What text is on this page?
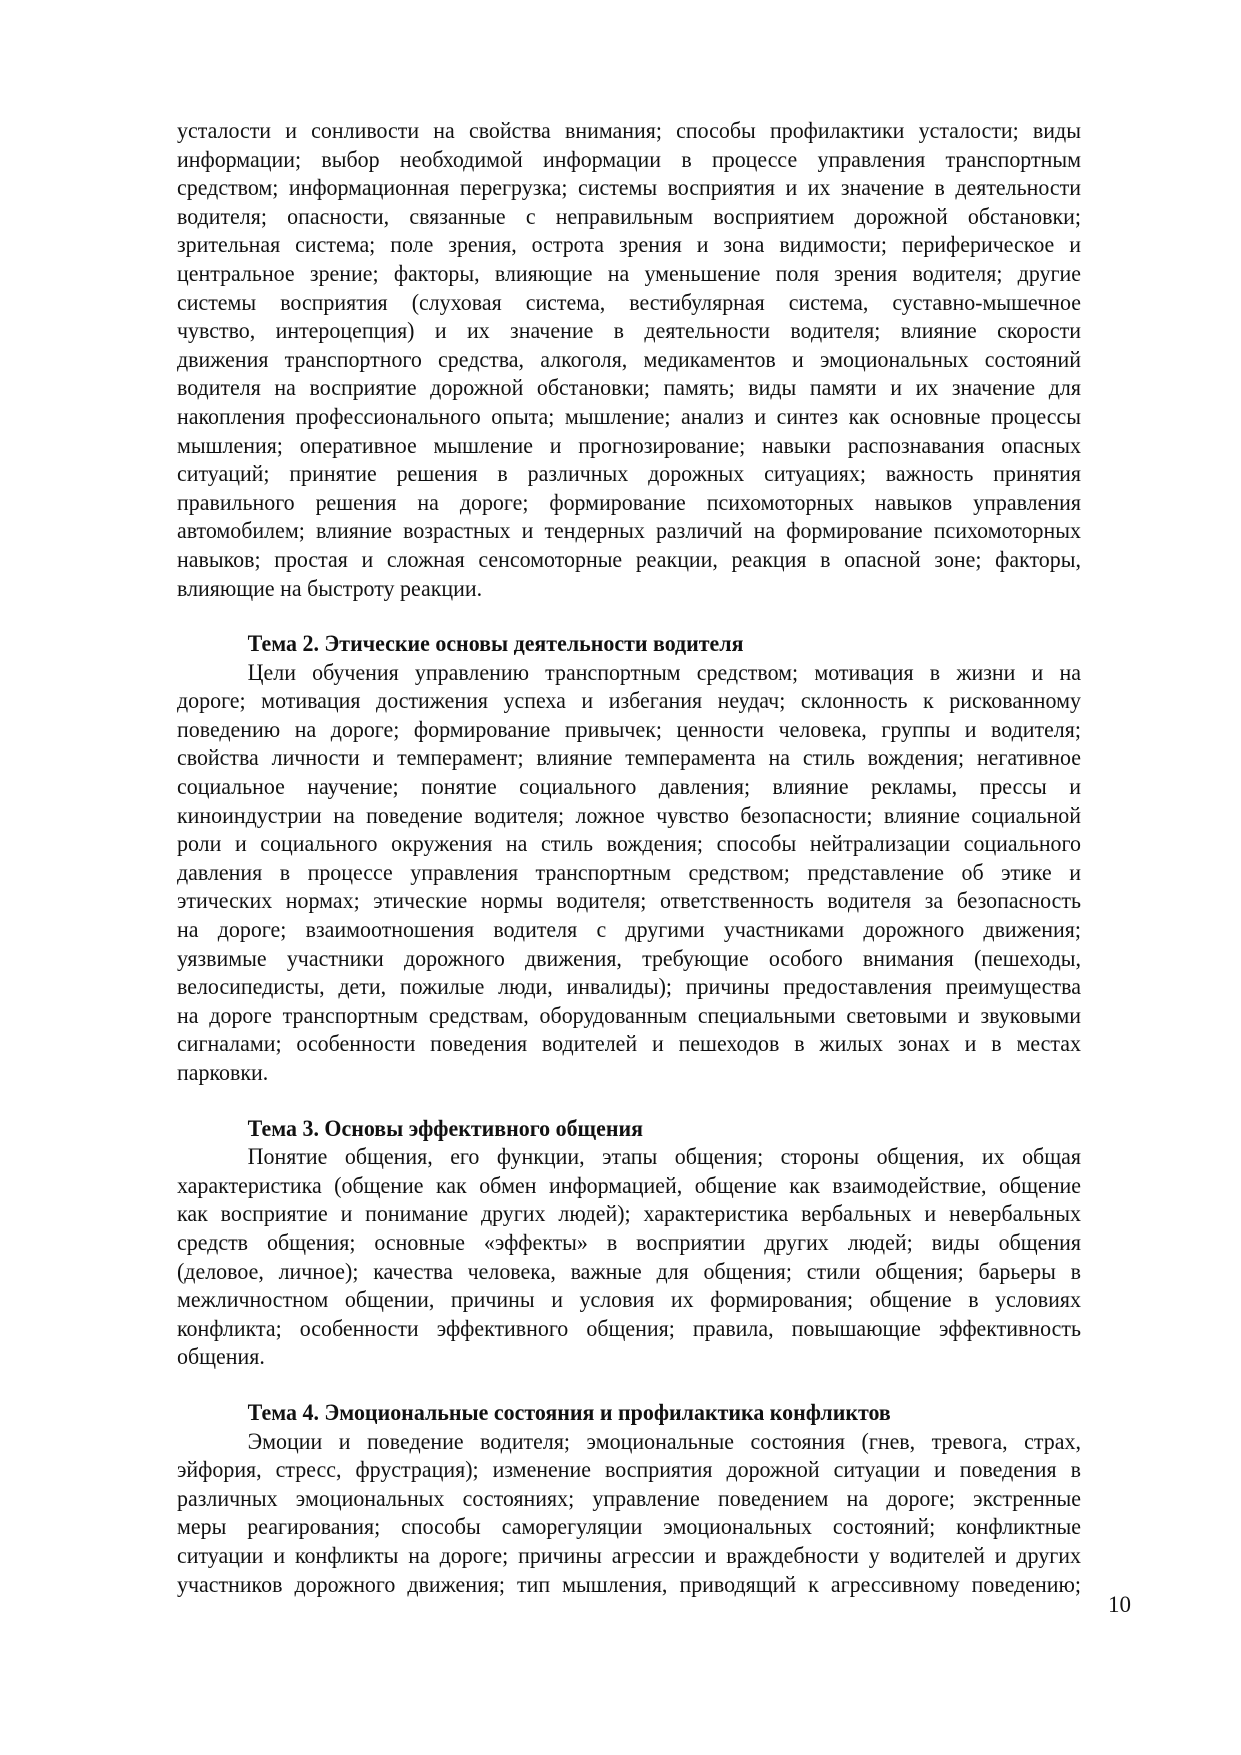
усталости и сонливости на свойства внимания; способы профилактики усталости; виды
информации; выбор необходимой информации в процессе управления транспортным
средством; информационная перегрузка; системы восприятия и их значение в деятельности
водителя; опасности, связанные с неправильным восприятием дорожной обстановки;
зрительная система; поле зрения, острота зрения и зона видимости; периферическое и
центральное зрение; факторы, влияющие на уменьшение поля зрения водителя; другие
системы восприятия (слуховая система, вестибулярная система, суставно-мышечное
чувство, интероцепция) и их значение в деятельности водителя; влияние скорости
движения транспортного средства, алкоголя, медикаментов и эмоциональных состояний
водителя на восприятие дорожной обстановки; память; виды памяти и их значение для
накопления профессионального опыта; мышление; анализ и синтез как основные процессы
мышления; оперативное мышление и прогнозирование; навыки распознавания опасных
ситуаций; принятие решения в различных дорожных ситуациях; важность принятия
правильного решения на дороге; формирование психомоторных навыков управления
автомобилем; влияние возрастных и тендерных различий на формирование психомоторных
навыков; простая и сложная сенсомоторные реакции, реакция в опасной зоне; факторы,
влияющие на быстроту реакции.
Тема 2. Этические основы деятельности водителя
Цели обучения управлению транспортным средством; мотивация в жизни и на
дороге; мотивация достижения успеха и избегания неудач; склонность к рискованному
поведению на дороге; формирование привычек; ценности человека, группы и водителя;
свойства личности и темперамент; влияние темперамента на стиль вождения; негативное
социальное научение; понятие социального давления; влияние рекламы, прессы и
киноиндустрии на поведение водителя; ложное чувство безопасности; влияние социальной
роли и социального окружения на стиль вождения; способы нейтрализации социального
давления в процессе управления транспортным средством; представление об этике и
этических нормах; этические нормы водителя; ответственность водителя за безопасность
на дороге; взаимоотношения водителя с другими участниками дорожного движения;
уязвимые участники дорожного движения, требующие особого внимания (пешеходы,
велосипедисты, дети, пожилые люди, инвалиды); причины предоставления преимущества
на дороге транспортным средствам, оборудованным специальными световыми и звуковыми
сигналами; особенности поведения водителей и пешеходов в жилых зонах и в местах
парковки.
Тема 3. Основы эффективного общения
Понятие общения, его функции, этапы общения; стороны общения, их общая
характеристика (общение как обмен информацией, общение как взаимодействие, общение
как восприятие и понимание других людей); характеристика вербальных и невербальных
средств общения; основные «эффекты» в восприятии других людей; виды общения
(деловое, личное); качества человека, важные для общения; стили общения; барьеры в
межличностном общении, причины и условия их формирования; общение в условиях
конфликта; особенности эффективного общения; правила, повышающие эффективность
общения.
Тема 4. Эмоциональные состояния и профилактика конфликтов
Эмоции и поведение водителя; эмоциональные состояния (гнев, тревога, страх,
эйфория, стресс, фрустрация); изменение восприятия дорожной ситуации и поведения в
различных эмоциональных состояниях; управление поведением на дороге; экстренные
меры реагирования; способы саморегуляции эмоциональных состояний; конфликтные
ситуации и конфликты на дороге; причины агрессии и враждебности у водителей и других
участников дорожного движения; тип мышления, приводящий к агрессивному поведению;
10
